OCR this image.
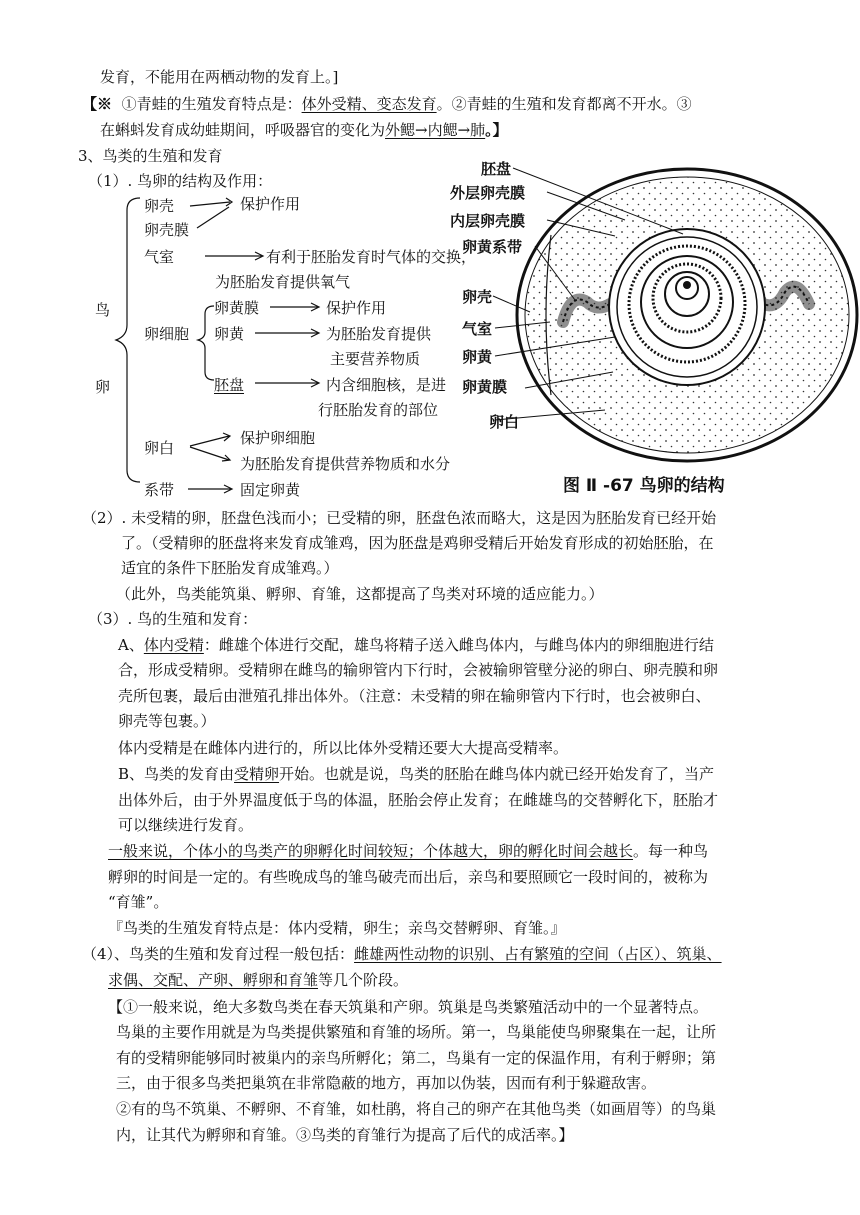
发育，不能用在两栖动物的发育上。]
【※ ①青蛙的生殖发育特点是：体外受精、变态发育。②青蛙的生殖和发育都离不开水。③
在蝌蚪发育成幼蛙期间，呼吸器官的变化为外鳃→内鳃→肺。】
3、鸟类的生殖和发育
（1）. 鸟卵的结构及作用：
鸟
卵
卵壳
卵壳膜
保护作用
气室	有利于胚胎发育时气体的交换，
为胚胎发育提供氧气
卵细胞
卵黄膜	保护作用
卵黄	为胚胎发育提供
主要营养物质
胚盘	内含细胞核，是进
行胚胎发育的部位
卵白
保护卵细胞
为胚胎发育提供营养物质和水分
系带	固定卵黄
胚盘
外层卵壳膜
内层卵壳膜
卵黄系带
卵壳
气室
卵黄
卵黄膜
卵白
图 Ⅱ -67 鸟卵的结构
（2）. 未受精的卵，胚盘色浅而小；已受精的卵，胚盘色浓而略大，这是因为胚胎发育已经开始
了。（受精卵的胚盘将来发育成雏鸡，因为胚盘是鸡卵受精后开始发育形成的初始胚胎，在
适宜的条件下胚胎发育成雏鸡。）
（此外，鸟类能筑巢、孵卵、育雏，这都提高了鸟类对环境的适应能力。）
（3）. 鸟的生殖和发育：
A、体内受精：雌雄个体进行交配，雄鸟将精子送入雌鸟体内，与雌鸟体内的卵细胞进行结
合，形成受精卵。受精卵在雌鸟的输卵管内下行时，会被输卵管壁分泌的卵白、卵壳膜和卵
壳所包裹，最后由泄殖孔排出体外。（注意：未受精的卵在输卵管内下行时，也会被卵白、
卵壳等包裹。）
体内受精是在雌体内进行的，所以比体外受精还要大大提高受精率。
B、鸟类的发育由受精卵开始。也就是说，鸟类的胚胎在雌鸟体内就已经开始发育了，当产
出体外后，由于外界温度低于鸟的体温，胚胎会停止发育；在雌雄鸟的交替孵化下，胚胎才
可以继续进行发育。
一般来说，个体小的鸟类产的卵孵化时间较短；个体越大，卵的孵化时间会越长。每一种鸟
孵卵的时间是一定的。有些晚成鸟的雏鸟破壳而出后，亲鸟和要照顾它一段时间的，被称为
“育雏”。
『鸟类的生殖发育特点是：体内受精，卵生；亲鸟交替孵卵、育雏。』
（4）、鸟类的生殖和发育过程一般包括：雌雄两性动物的识别、占有繁殖的空间（占区）、筑巢、
求偶、交配、产卵、孵卵和育雏等几个阶段。
【①一般来说，绝大多数鸟类在春天筑巢和产卵。筑巢是鸟类繁殖活动中的一个显著特点。
鸟巢的主要作用就是为鸟类提供繁殖和育雏的场所。第一，鸟巢能使鸟卵聚集在一起，让所
有的受精卵能够同时被巢内的亲鸟所孵化；第二，鸟巢有一定的保温作用，有利于孵卵；第
三，由于很多鸟类把巢筑在非常隐蔽的地方，再加以伪装，因而有利于躲避敌害。
②有的鸟不筑巢、不孵卵、不育雏，如杜鹃，将自己的卵产在其他鸟类（如画眉等）的鸟巢
内，让其代为孵卵和育雏。③鸟类的育雏行为提高了后代的成活率。】
